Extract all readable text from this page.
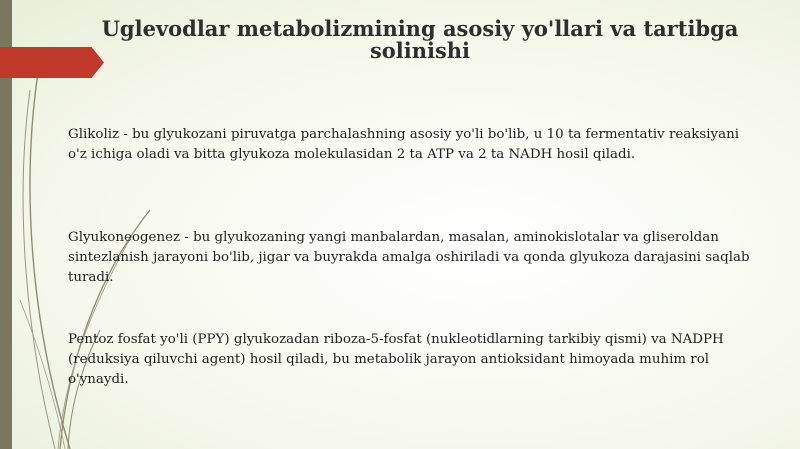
Uglevodlar metabolizmining asosiy yo'llari va tartibga solinishi

Glikoliz - bu glyukozani piruvatga parchalashning asosiy yo'li bo'lib, u 10 ta fermentativ reaksiyani o'z ichiga oladi va bitta glyukoza molekulasidan 2 ta ATP va 2 ta NADH hosil qiladi.

Glyukoneogenez - bu glyukozaning yangi manbalardan, masalan, aminokislotalar va gliseroldan sintezlanish jarayoni bo'lib, jigar va buyrakda amalga oshiriladi va qonda glyukoza darajasini saqlab turadi.

Pentoz fosfat yo'li (PPY) glyukozadan riboza-5-fosfat (nukleotidlarning tarkibiy qismi) va NADPH (reduksiya qiluvchi agent) hosil qiladi, bu metabolik jarayon antioksidant himoyada muhim rol o'ynaydi.
